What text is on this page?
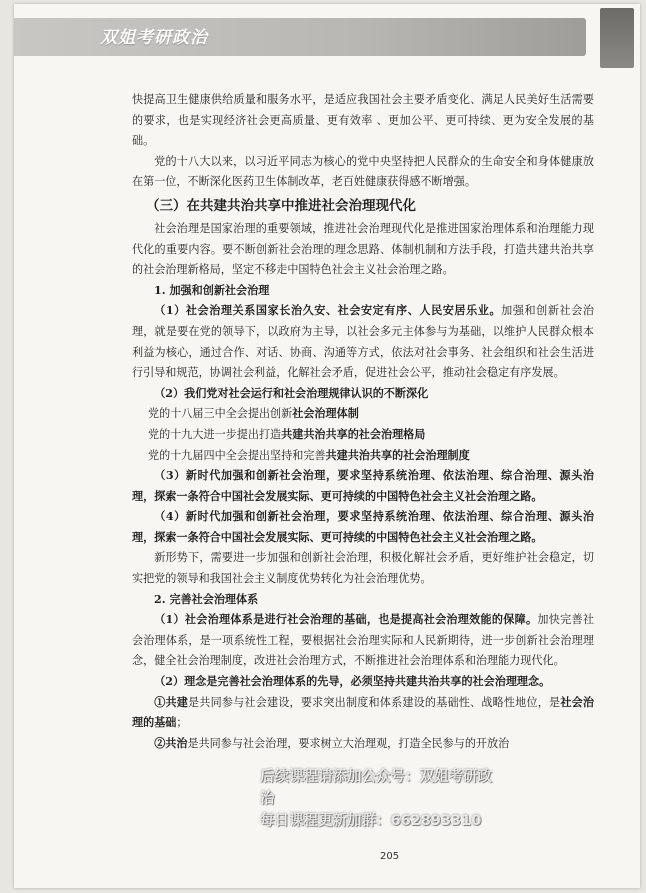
双姐考研政治

快提高卫生健康供给质量和服务水平，是适应我国社会主要矛盾变化、满足人民美好生活需要的要求，也是实现经济社会更高质量、更有效率 、更加公平、更可持续、更为安全发展的基础。

党的十八大以来，以习近平同志为核心的党中央坚持把人民群众的生命安全和身体健康放在第一位，不断深化医药卫生体制改革，老百姓健康获得感不断增强。

（三）在共建共治共享中推进社会治理现代化

社会治理是国家治理的重要领域，推进社会治理现代化是推进国家治理体系和治理能力现代化的重要内容。要不断创新社会治理的理念思路、体制机制和方法手段，打造共建共治共享的社会治理新格局，坚定不移走中国特色社会主义社会治理之路。

1. 加强和创新社会治理

（1）社会治理关系国家长治久安、社会安定有序、人民安居乐业。加强和创新社会治理，就是要在党的领导下，以政府为主导，以社会多元主体参与为基础，以维护人民群众根本利益为核心，通过合作、对话、协商、沟通等方式，依法对社会事务、社会组织和社会生活进行引导和规范，协调社会利益，化解社会矛盾，促进社会公平，推动社会稳定有序发展。

（2）我们党对社会运行和社会治理规律认识的不断深化

党的十八届三中全会提出创新社会治理体制

党的十九大进一步提出打造共建共治共享的社会治理格局

党的十九届四中全会提出坚持和完善共建共治共享的社会治理制度

（3）新时代加强和创新社会治理，要求坚持系统治理、依法治理、综合治理、源头治理，探索一条符合中国社会发展实际、更可持续的中国特色社会主义社会治理之路。

（4）新时代加强和创新社会治理，要求坚持系统治理、依法治理、综合治理、源头治理，探索一条符合中国社会发展实际、更可持续的中国特色社会主义社会治理之路。

新形势下，需要进一步加强和创新社会治理，积极化解社会矛盾，更好维护社会稳定，切实把党的领导和我国社会主义制度优势转化为社会治理优势。

2. 完善社会治理体系

（1）社会治理体系是进行社会治理的基础，也是提高社会治理效能的保障。加快完善社会治理体系，是一项系统性工程，要根据社会治理实际和人民新期待，进一步创新社会治理理念，健全社会治理制度，改进社会治理方式，不断推进社会治理体系和治理能力现代化。

（2）理念是完善社会治理体系的先导，必须坚持共建共治共享的社会治理理念。

①共建是共同参与社会建设，要求突出制度和体系建设的基础性、战略性地位，是社会治理的基础；

②共治是共同参与社会治理，要求树立大治理观，打造全民参与的开放治

后续课程请添加公众号：双姐考研政治
每日课程更新加群：662893310
205
